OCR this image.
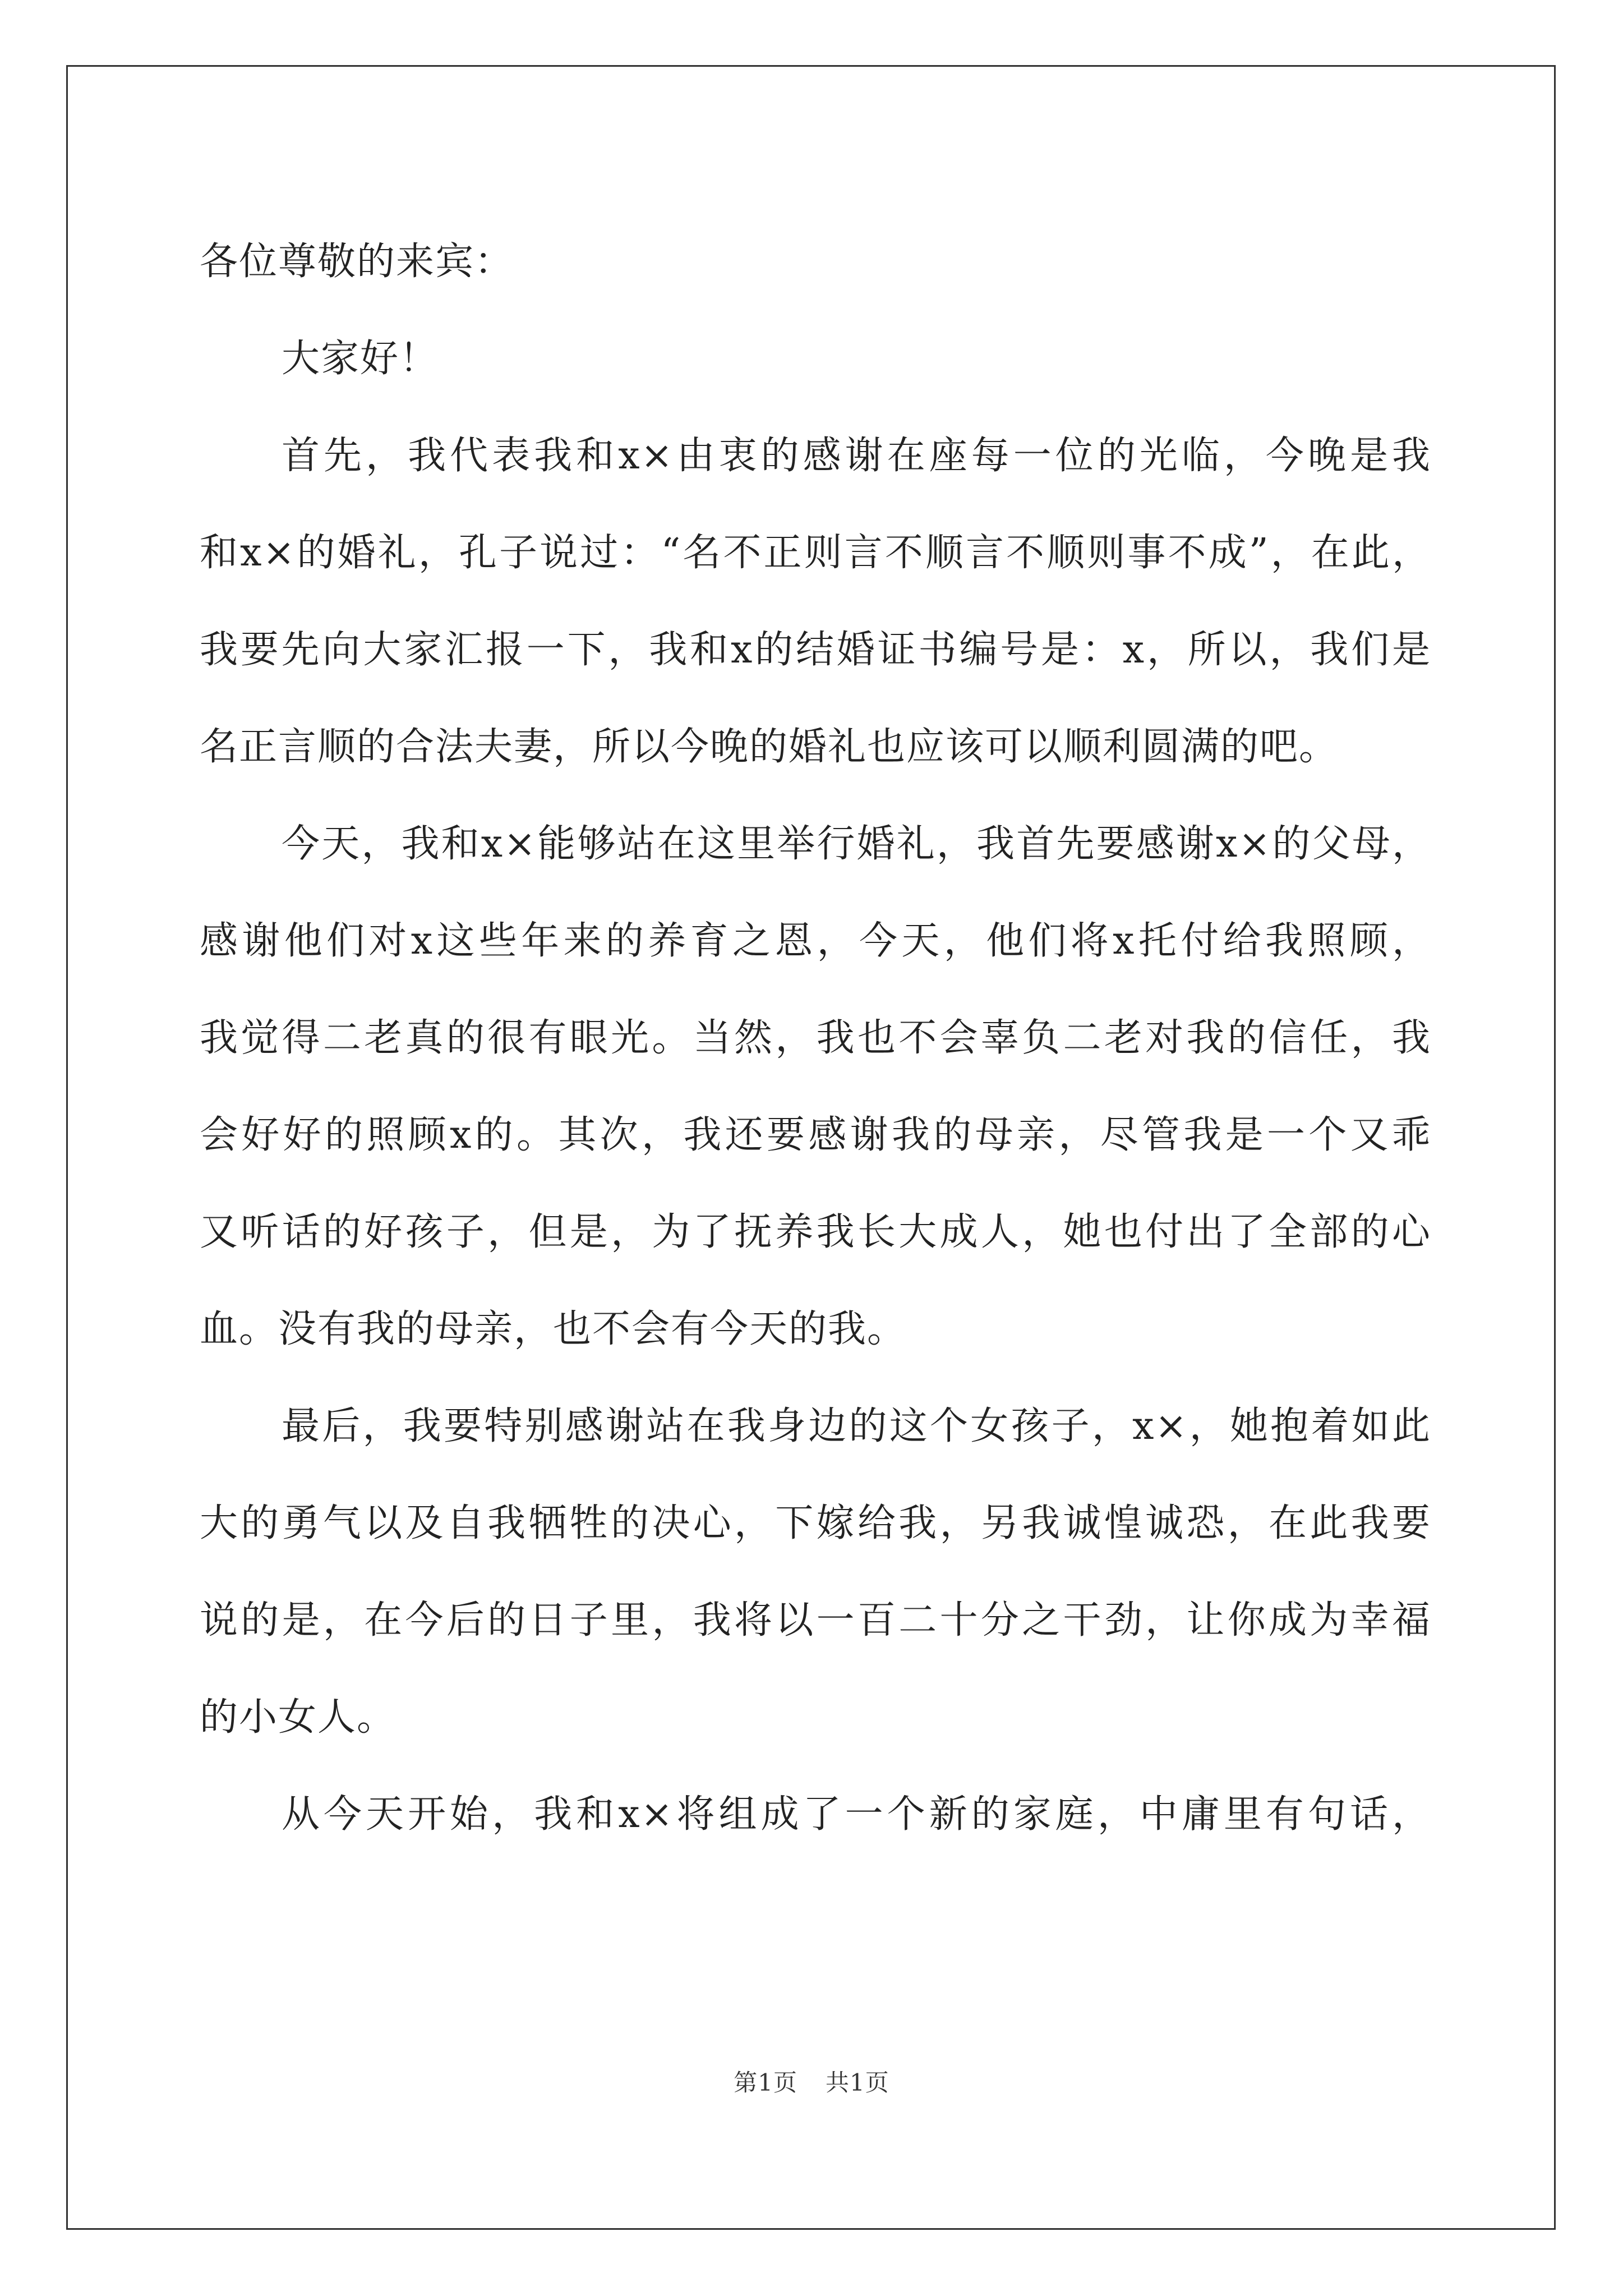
各位尊敬的来宾：
大家好！
首先，我代表我和x×由衷的感谢在座每一位的光临，今晚是我
和x×的婚礼，孔子说过：“名不正则言不顺言不顺则事不成”，在此，
我要先向大家汇报一下，我和x的结婚证书编号是：x，所以，我们是
名正言顺的合法夫妻，所以今晚的婚礼也应该可以顺利圆满的吧。
今天，我和x×能够站在这里举行婚礼，我首先要感谢x×的父母，
感谢他们对x这些年来的养育之恩，今天，他们将x托付给我照顾，
我觉得二老真的很有眼光。当然，我也不会辜负二老对我的信任，我
会好好的照顾x的。其次，我还要感谢我的母亲，尽管我是一个又乖
又听话的好孩子，但是，为了抚养我长大成人，她也付出了全部的心
血。没有我的母亲，也不会有今天的我。
最后，我要特别感谢站在我身边的这个女孩子，x×，她抱着如此
大的勇气以及自我牺牲的决心，下嫁给我，另我诚惶诚恐，在此我要
说的是，在今后的日子里，我将以一百二十分之干劲，让你成为幸福
的小女人。
从今天开始，我和x×将组成了一个新的家庭，中庸里有句话，
第1页 共1页
